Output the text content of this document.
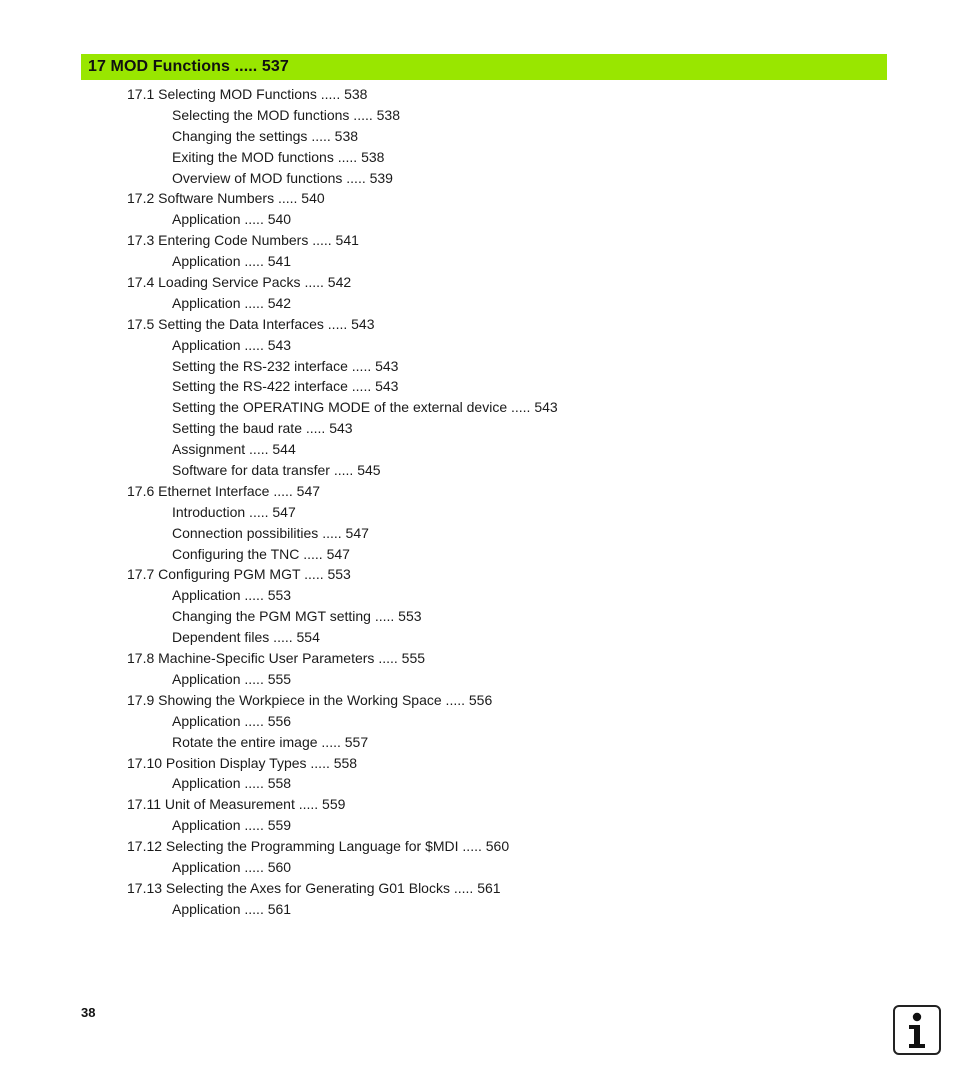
17 MOD Functions ..... 537
17.1 Selecting MOD Functions ..... 538
Selecting the MOD functions ..... 538
Changing the settings ..... 538
Exiting the MOD functions ..... 538
Overview of MOD functions ..... 539
17.2 Software Numbers ..... 540
Application ..... 540
17.3 Entering Code Numbers ..... 541
Application ..... 541
17.4 Loading Service Packs ..... 542
Application ..... 542
17.5 Setting the Data Interfaces ..... 543
Application ..... 543
Setting the RS-232 interface ..... 543
Setting the RS-422 interface ..... 543
Setting the OPERATING MODE of the external device ..... 543
Setting the baud rate ..... 543
Assignment ..... 544
Software for data transfer ..... 545
17.6 Ethernet Interface ..... 547
Introduction ..... 547
Connection possibilities ..... 547
Configuring the TNC ..... 547
17.7 Configuring PGM MGT ..... 553
Application ..... 553
Changing the PGM MGT setting ..... 553
Dependent files ..... 554
17.8 Machine-Specific User Parameters ..... 555
Application ..... 555
17.9 Showing the Workpiece in the Working Space ..... 556
Application ..... 556
Rotate the entire image ..... 557
17.10 Position Display Types ..... 558
Application ..... 558
17.11 Unit of Measurement ..... 559
Application ..... 559
17.12 Selecting the Programming Language for $MDI ..... 560
Application ..... 560
17.13 Selecting the Axes for Generating G01 Blocks ..... 561
Application ..... 561
38
